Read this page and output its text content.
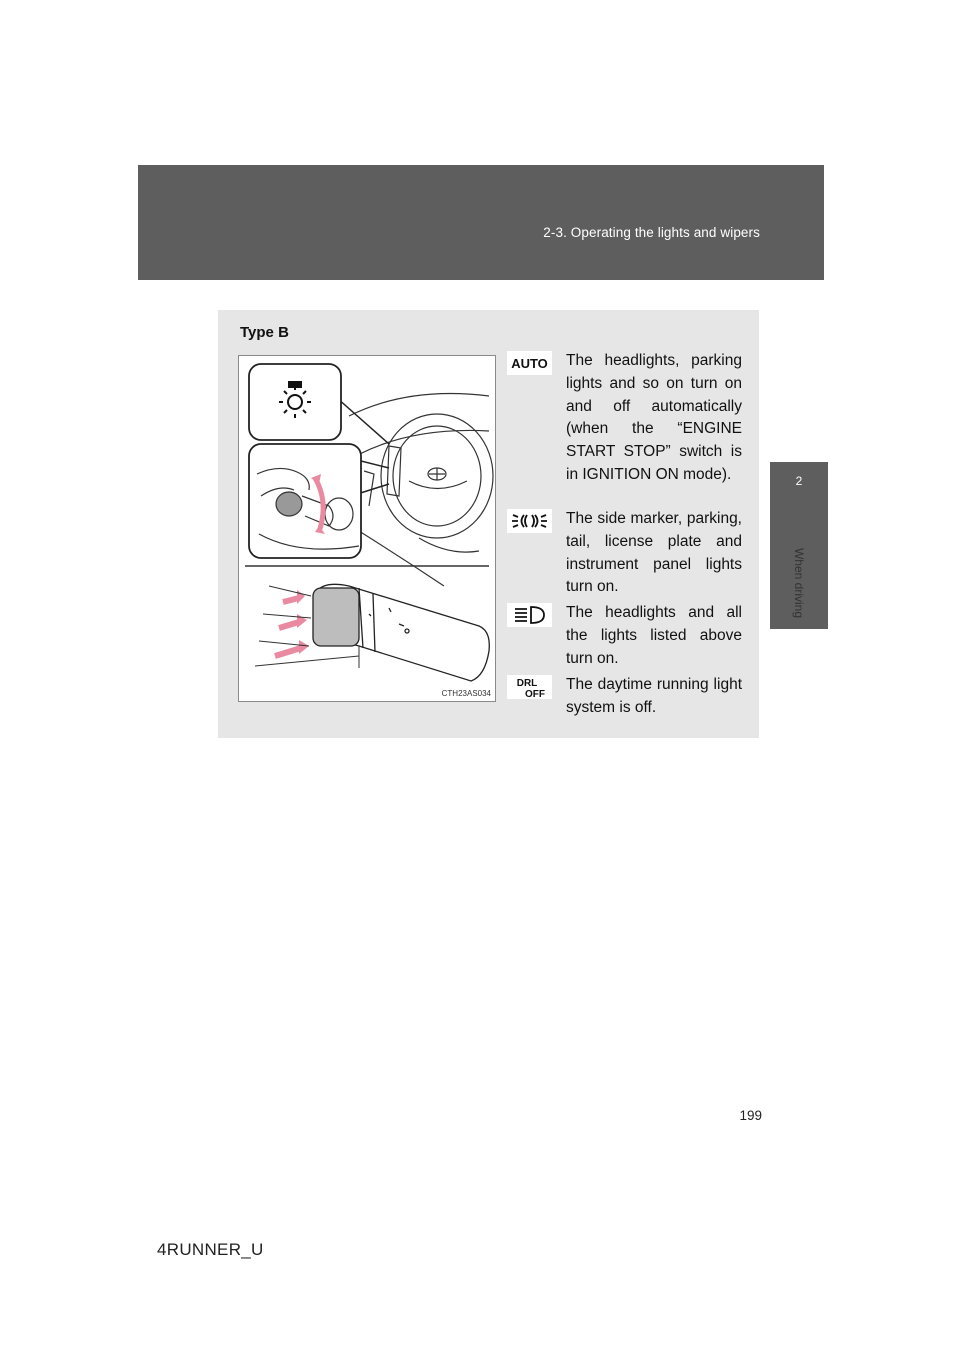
2-3. Operating the lights and wipers
2
When driving
Type B
CTH23AS034
AUTO The headlights, parking lights and so on turn on and off automatically (when the “ENGINE START STOP” switch is in IGNITION ON mode).
The side marker, parking, tail, license plate and instrument panel lights turn on.
The headlights and all the lights listed above turn on.
DRL
OFF
The daytime running light system is off.
199
4RUNNER_U
